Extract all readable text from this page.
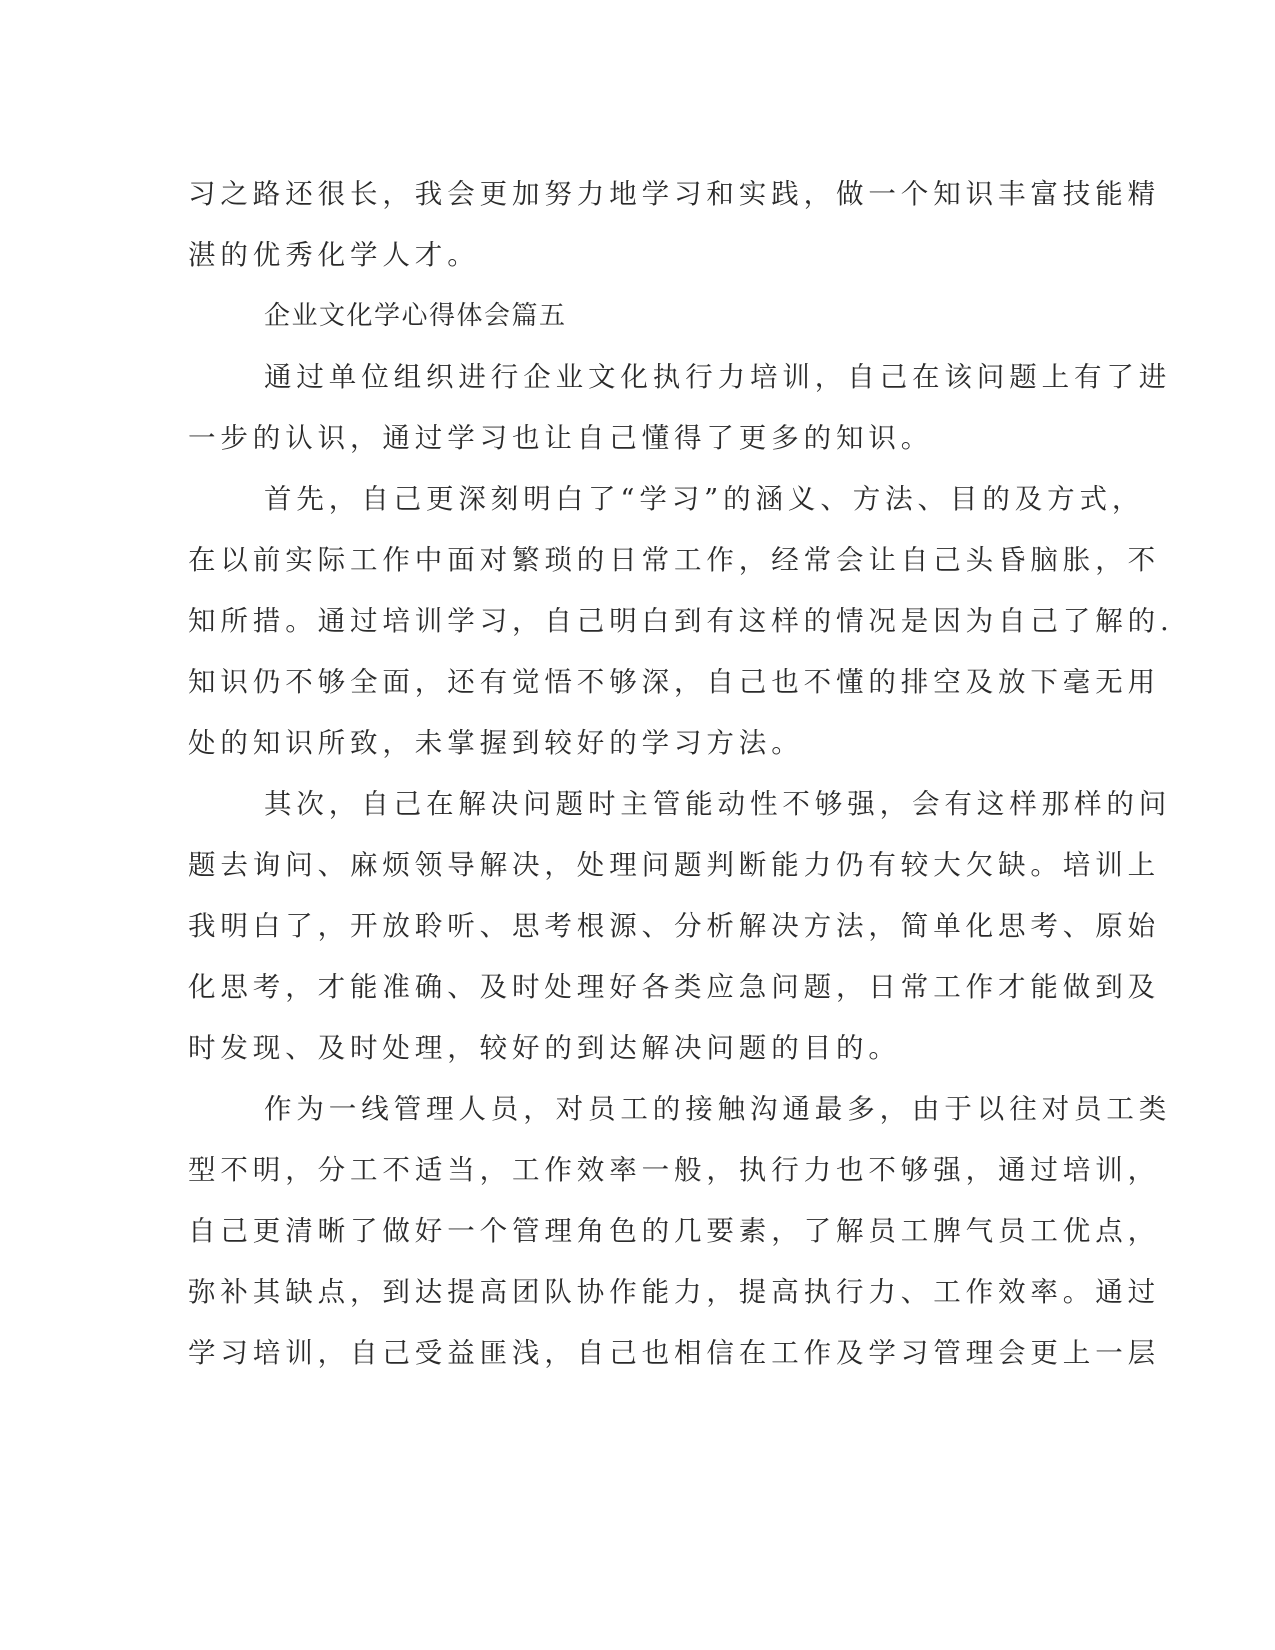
习之路还很长，我会更加努力地学习和实践，做一个知识丰富技能精
湛的优秀化学人才。
企业文化学心得体会篇五
通过单位组织进行企业文化执行力培训，自己在该问题上有了进
一步的认识，通过学习也让自己懂得了更多的知识。
首先，自己更深刻明白了“学习”的涵义、方法、目的及方式，
在以前实际工作中面对繁琐的日常工作，经常会让自己头昏脑胀，不
知所措。通过培训学习，自己明白到有这样的情况是因为自己了解的.
知识仍不够全面，还有觉悟不够深，自己也不懂的排空及放下毫无用
处的知识所致，未掌握到较好的学习方法。
其次，自己在解决问题时主管能动性不够强，会有这样那样的问
题去询问、麻烦领导解决，处理问题判断能力仍有较大欠缺。培训上
我明白了，开放聆听、思考根源、分析解决方法，简单化思考、原始
化思考，才能准确、及时处理好各类应急问题，日常工作才能做到及
时发现、及时处理，较好的到达解决问题的目的。
作为一线管理人员，对员工的接触沟通最多，由于以往对员工类
型不明，分工不适当，工作效率一般，执行力也不够强，通过培训，
自己更清晰了做好一个管理角色的几要素，了解员工脾气员工优点，
弥补其缺点，到达提高团队协作能力，提高执行力、工作效率。通过
学习培训，自己受益匪浅，自己也相信在工作及学习管理会更上一层
